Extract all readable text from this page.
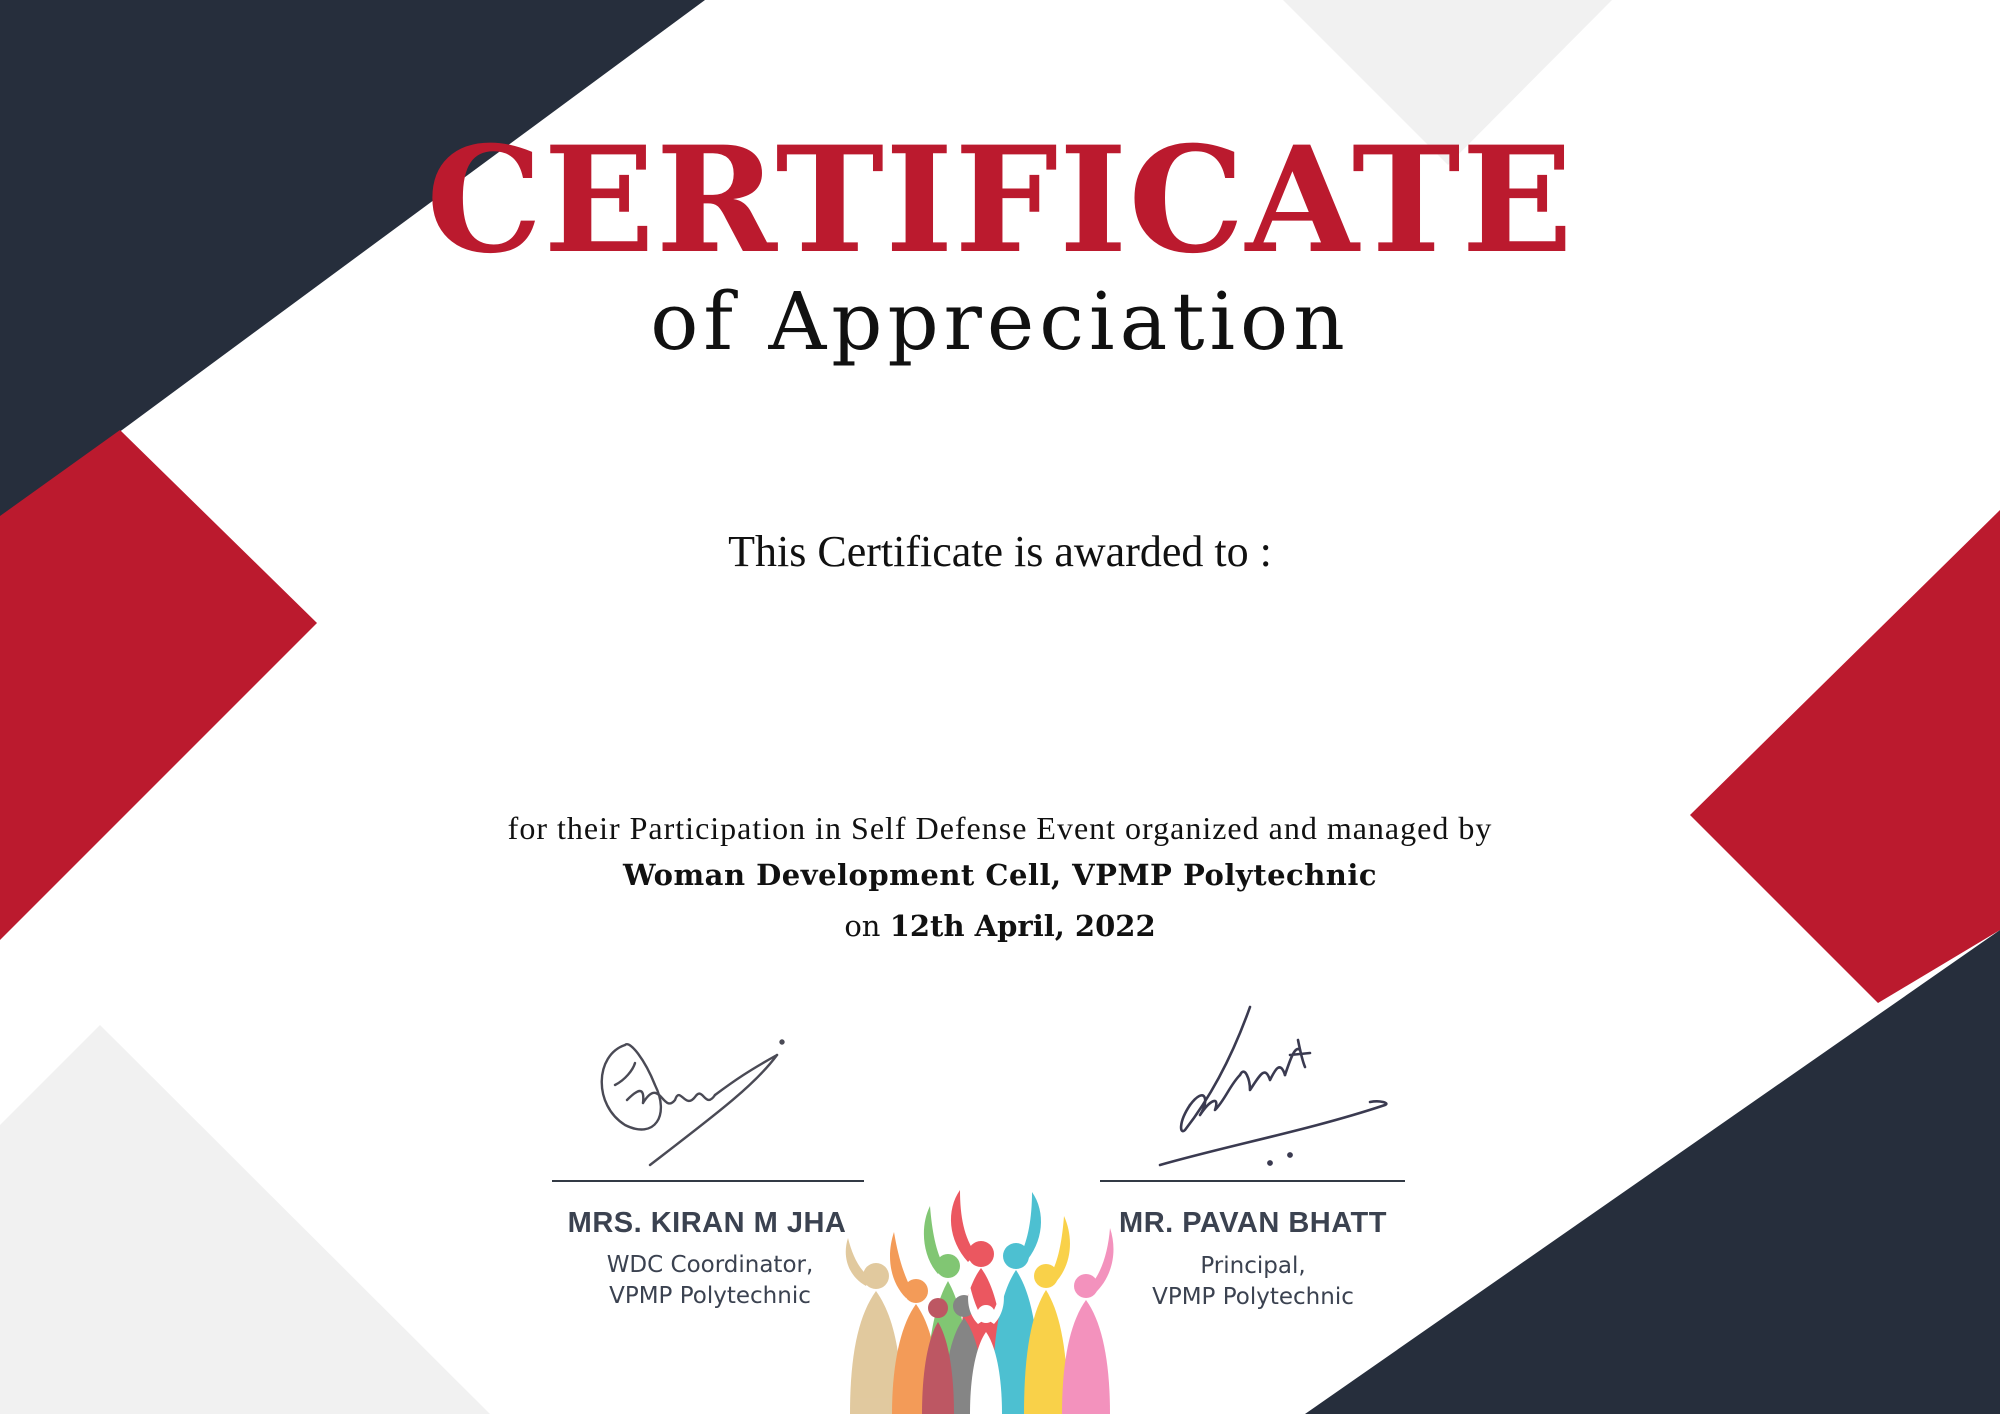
CERTIFICATE
of Appreciation
This Certificate is awarded to :
for their Participation in Self Defense Event organized and managed by
Woman Development Cell, VPMP Polytechnic
on 12th April, 2022
MRS. KIRAN M JHA
WDC Coordinator,
VPMP Polytechnic
MR. PAVAN BHATT
Principal,
VPMP Polytechnic
